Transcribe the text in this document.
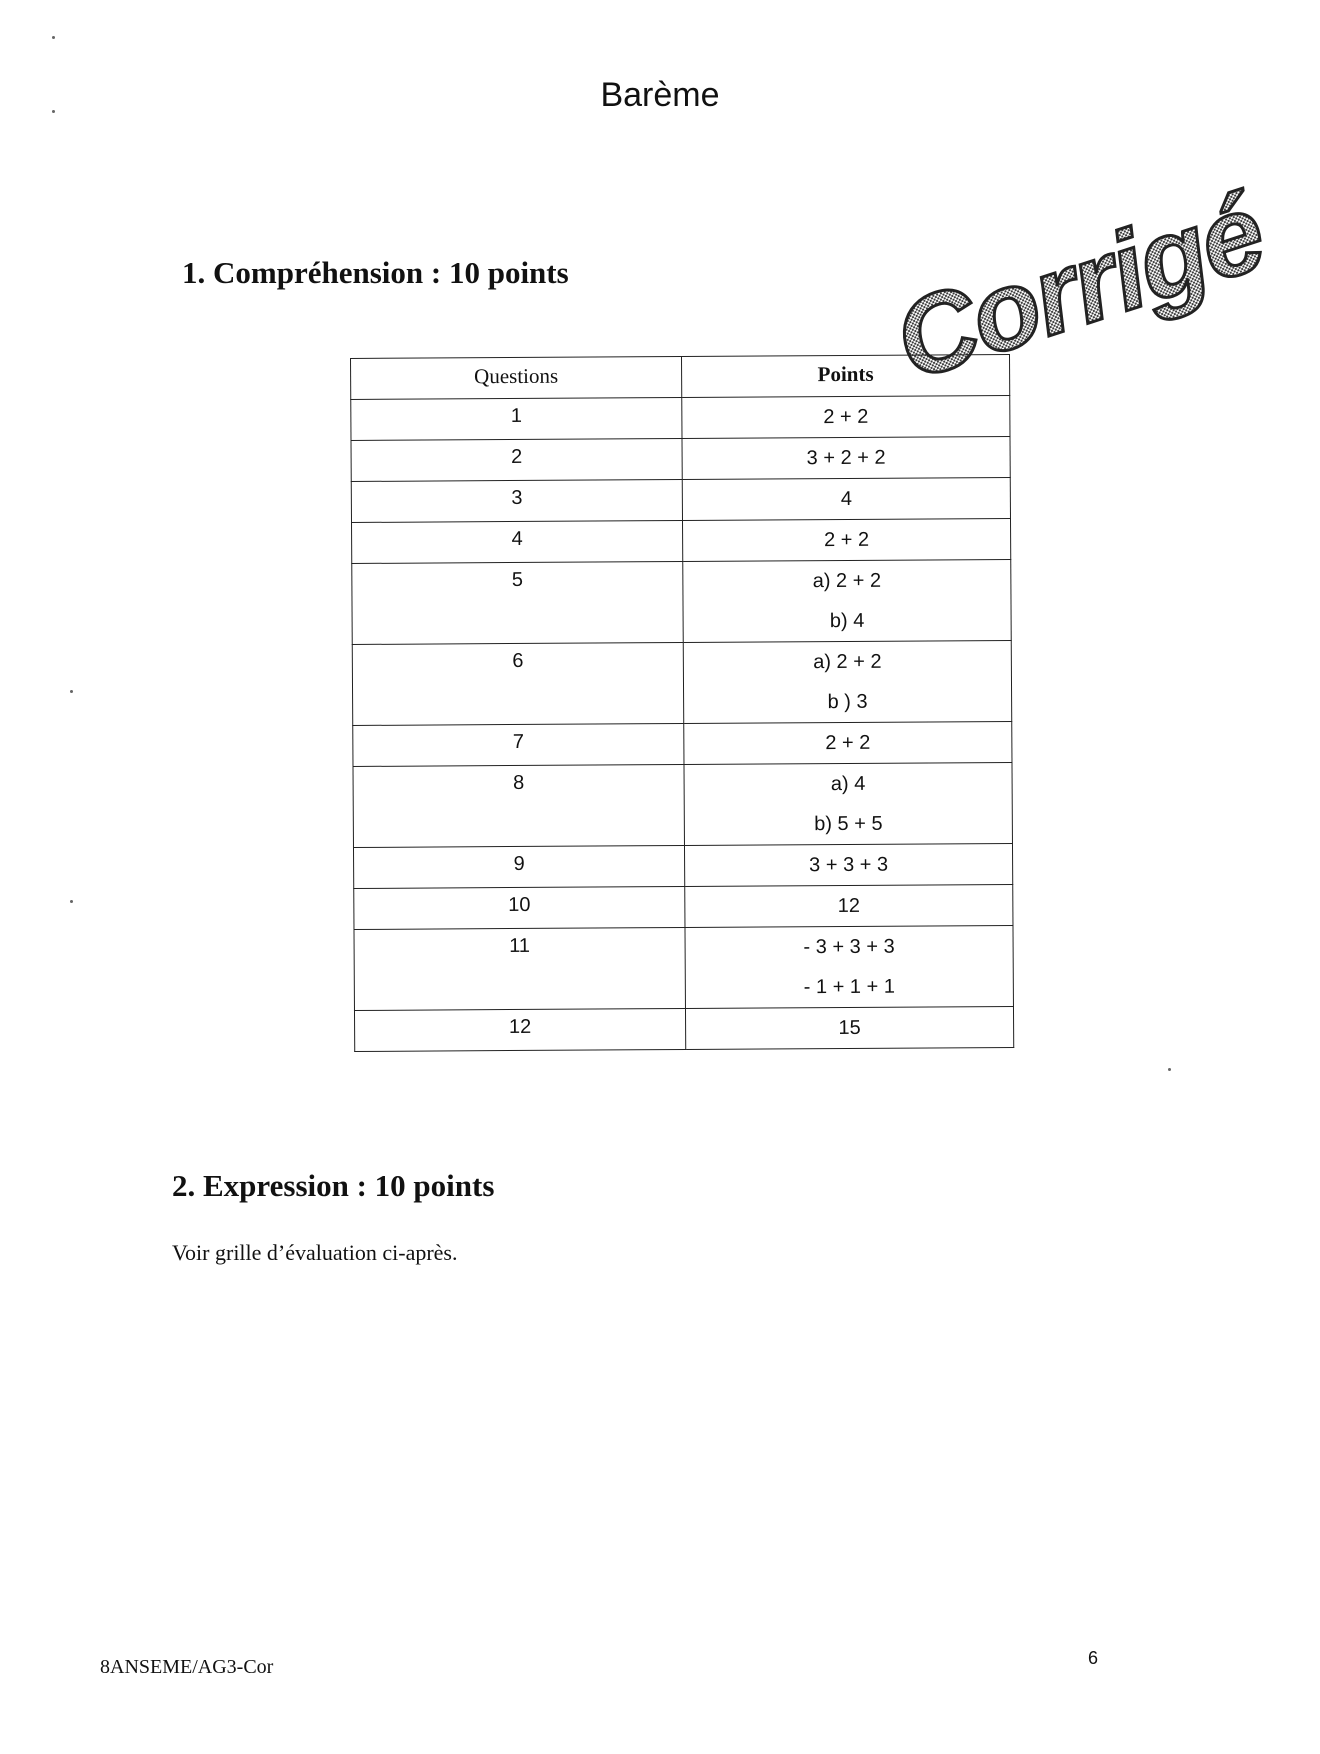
Barème
1. Compréhension : 10 points	Corrigé
Questions	Points
1	2 + 2

2	3 + 2 + 2

3	4

4	2 + 2

5	a) 2 + 2
b) 4

6	a) 2 + 2
b ) 3

7	2 + 2

8	a) 4
b) 5 + 5

9	3 + 3 + 3

10	12

11	- 3 + 3 + 3
- 1 + 1 + 1

12	15
2. Expression : 10 points
Voir grille d’évaluation ci-après.
8ANSEME/AG3-Cor	6
